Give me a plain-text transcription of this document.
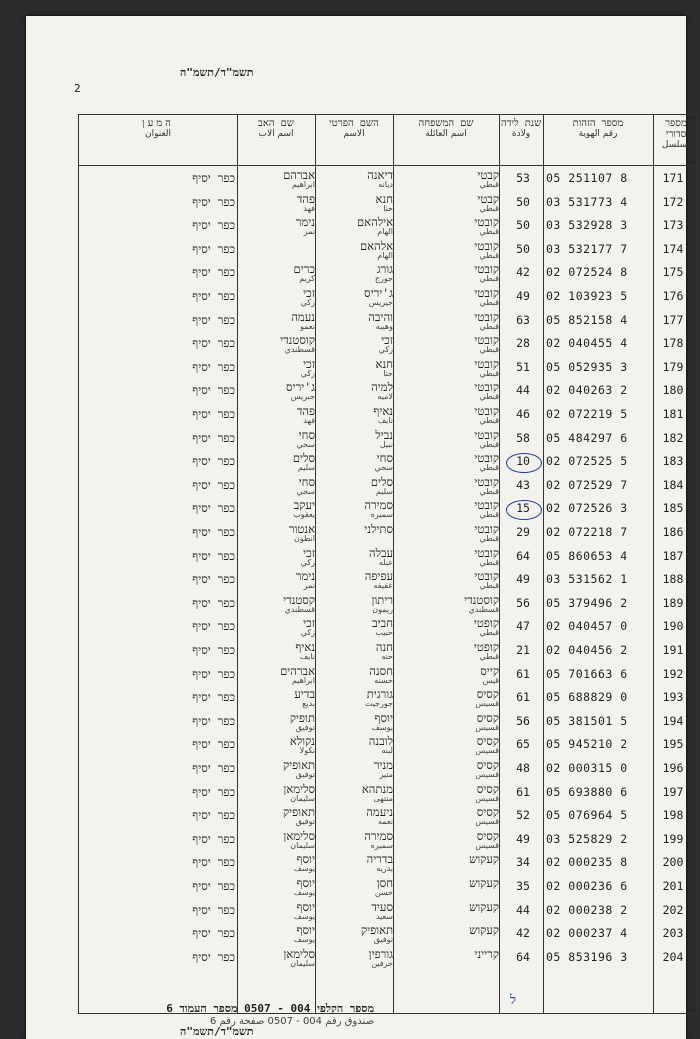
תשמ"ד/תשמ"ה
2
מספר סדורי
تسلسل
מספר הזהות
رقم الهوية
שנת לידה
ولادة
שם המשפחה
اسم العائلة
השם הפרטי
الاسم
שם האב
اسم الاب
המען
العنوان
171
05 251107 8
53
קבטי
قبطي
דיאנה
ديانه
אברהם
ابراهيم
כפר יסיף
172
03 531773 4
50
קבטי
قبطي
חנא
حنا
פהד
فهد
כפר יסיף
173
03 532928 3
50
קובטי
قبطي
אילהאם
الهام
נימר
نمر
כפר יסיף
174
03 532177 7
50
קובטי
قبطي
אלהאם
الهام
כפר יסיף
175
02 072524 8
42
קובטי
قبطي
גורג
جورج
כרים
كريم
כפר יסיף
176
02 103923 5
49
קובטי
قبطي
ג'יריס
جيريس
זכי
زكي
כפר יסיף
177
05 852158 4
63
קובטי
قبطي
והיבה
وهيبه
נעמה
نعمو
כפר יסיף
178
02 040455 4
28
קובטי
قبطي
זכי
زكي
קוסטנדי
قسطندي
כפר יסיף
179
05 052935 3
51
קובטי
قبطي
חנא
حنا
זכי
زكي
כפר יסיף
180
02 040263 2
44
קובטי
قبطي
למיה
لاميه
ג'יריס
جبريس
כפר יסיף
181
02 072219 5
46
קובטי
قبطي
נאיף
نايف
פהד
فهد
כפר יסיף
182
05 484297 6
58
קובטי
قبطي
נביל
نبيل
סחי
سحي
כפר יסיף
183
02 072525 5
10
קובטי
قبطي
סחי
سحي
סלים
سليم
כפר יסיף
184
02 072529 7
43
קובטי
قبطي
סלים
سليم
סחי
سحي
כפר יסיף
185
02 072526 3
15
קובטי
قبطي
סמירה
سميره
יעקב
يعقوب
כפר יסיף
186
02 072218 7
29
קובטי
قبطي
סתילני
אנטור
انطون
כפר יסיף
187
05 860653 4
64
קובטי
قبطي
עבלה
عبله
זכי
زكي
כפר יסיף
188
03 531562 1
49
קובטי
قبطي
עפיפה
عفيفه
נימר
نمر
כפר יסיף
189
05 379496 2
56
קוסטנדי
قسطندي
ריתון
ريمون
קסטנדי
قسطندي
כפר יסיף
190
02 040457 0
47
קופטי
قبطي
חביב
حبيب
זכי
زكي
כפר יסיף
191
02 040456 2
21
קופטי
قبطي
חנה
حنه
נאיף
نايف
כפר יסיף
192
05 701663 6
61
קייס
قيس
חסנה
حسنه
אברהים
ابراهيم
כפר יסיף
193
05 688829 0
61
קסיס
قسيس
גורגית
جورجيت
בדיע
بديع
כפר יסיף
194
05 381501 5
56
קסיס
قسيس
יוסף
يوسف
תופיק
توفيق
כפר יסיף
195
05 945210 2
65
קסיס
قسيس
לובנה
لبنه
נקולא
نكولا
כפר יסיף
196
02 000315 0
48
קסיס
قسيس
מניר
منير
תאופיק
توفيق
כפר יסיף
197
05 693880 6
61
קסיס
قسيس
מנתהא
منتهى
סלימאן
سليمان
כפר יסיף
198
05 076964 5
52
קסיס
قسيس
ניעמה
نعمه
תאופיק
توفيق
כפר יסיף
199
03 525829 2
49
קסיס
قسيس
סמירה
سميره
סלימאן
سليمان
כפר יסיף
200
02 000235 8
34
קעקוש
בדריה
بدريه
יוסף
يوسف
כפר יסיף
201
02 000236 6
35
קעקוש
חסן
حسن
יוסף
يوسف
כפר יסיף
202
02 000238 2
44
קעקוש
סעיד
سعيد
יוסף
يوسف
כפר יסיף
203
02 000237 4
42
קעקוש
תאופיק
توفيق
יוסף
يوسف
כפר יסיף
204
05 853196 3
64
קרייני
גורפין
جرفين
סלימאן
سليمان
כפר יסיף
ל
מספר הקלפי 004 - 0507 מספר העמוד 6
صندوق رقم 004 - 0507 صفحة رقم 6
תשמ"ד/תשמ"ה
